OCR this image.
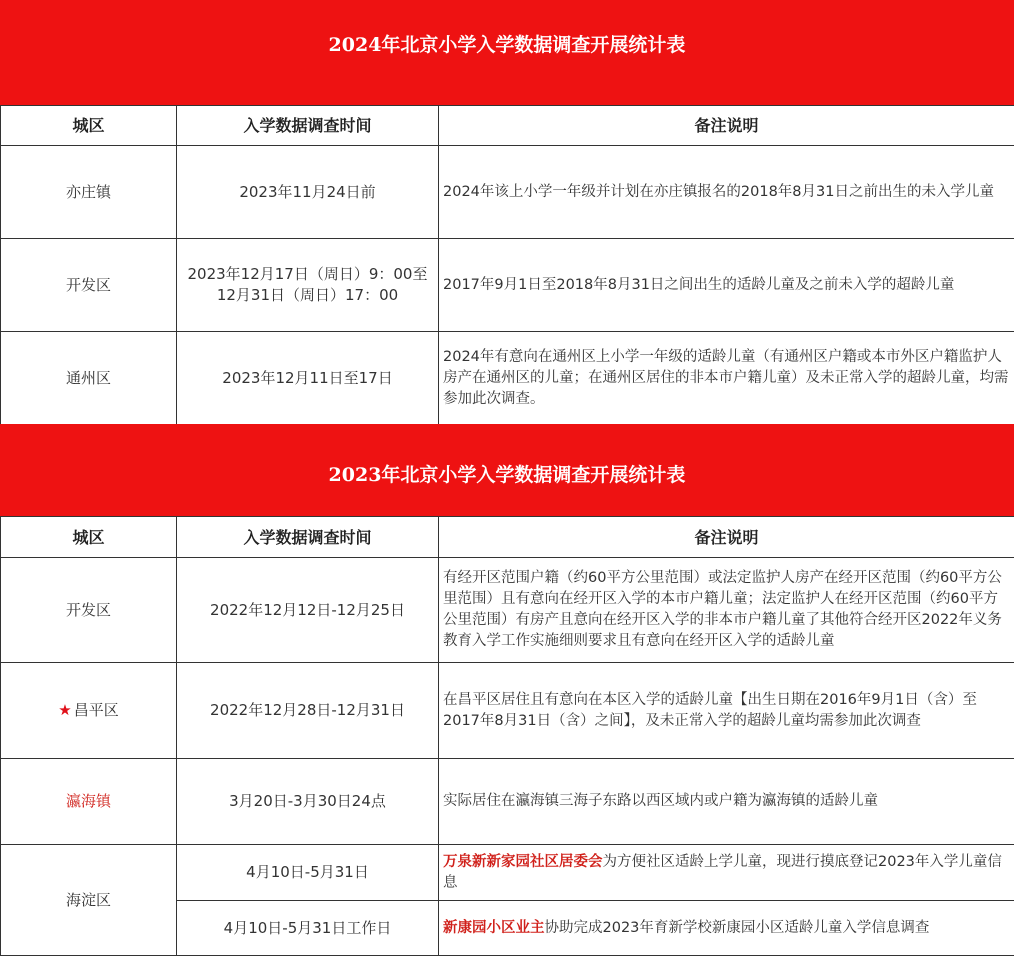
2024年北京小学入学数据调查开展统计表
城区	入学数据调查时间	备注说明
亦庄镇	2023年11月24日前	2024年该上小学一年级并计划在亦庄镇报名的2018年8月31日之前出生的未入学儿童
开发区	2023年12月17日（周日）9：00至12月31日（周日）17：00	2017年9月1日至2018年8月31日之间出生的适龄儿童及之前未入学的超龄儿童
通州区	2023年12月11日至17日	2024年有意向在通州区上小学一年级的适龄儿童（有通州区户籍或本市外区户籍监护人房产在通州区的儿童；在通州区居住的非本市户籍儿童）及未正常入学的超龄儿童，均需参加此次调查。
2023年北京小学入学数据调查开展统计表
城区	入学数据调查时间	备注说明
开发区	2022年12月12日-12月25日	有经开区范围户籍（约60平方公里范围）或法定监护人房产在经开区范围（约60平方公里范围）且有意向在经开区入学的本市户籍儿童；法定监护人在经开区范围（约60平方公里范围）有房产且意向在经开区入学的非本市户籍儿童了其他符合经开区2022年义务教育入学工作实施细则要求且有意向在经开区入学的适龄儿童
★ 昌平区	2022年12月28日-12月31日	在昌平区居住且有意向在本区入学的适龄儿童【出生日期在2016年9月1日（含）至2017年8月31日（含）之间】，及未正常入学的超龄儿童均需参加此次调查
瀛海镇	3月20日-3月30日24点	实际居住在瀛海镇三海子东路以西区域内或户籍为瀛海镇的适龄儿童
海淀区	4月10日-5月31日	万泉新新家园社区居委会为方便社区适龄上学儿童，现进行摸底登记2023年入学儿童信息
	4月10日-5月31日工作日	新康园小区业主协助完成2023年育新学校新康园小区适龄儿童入学信息调查
